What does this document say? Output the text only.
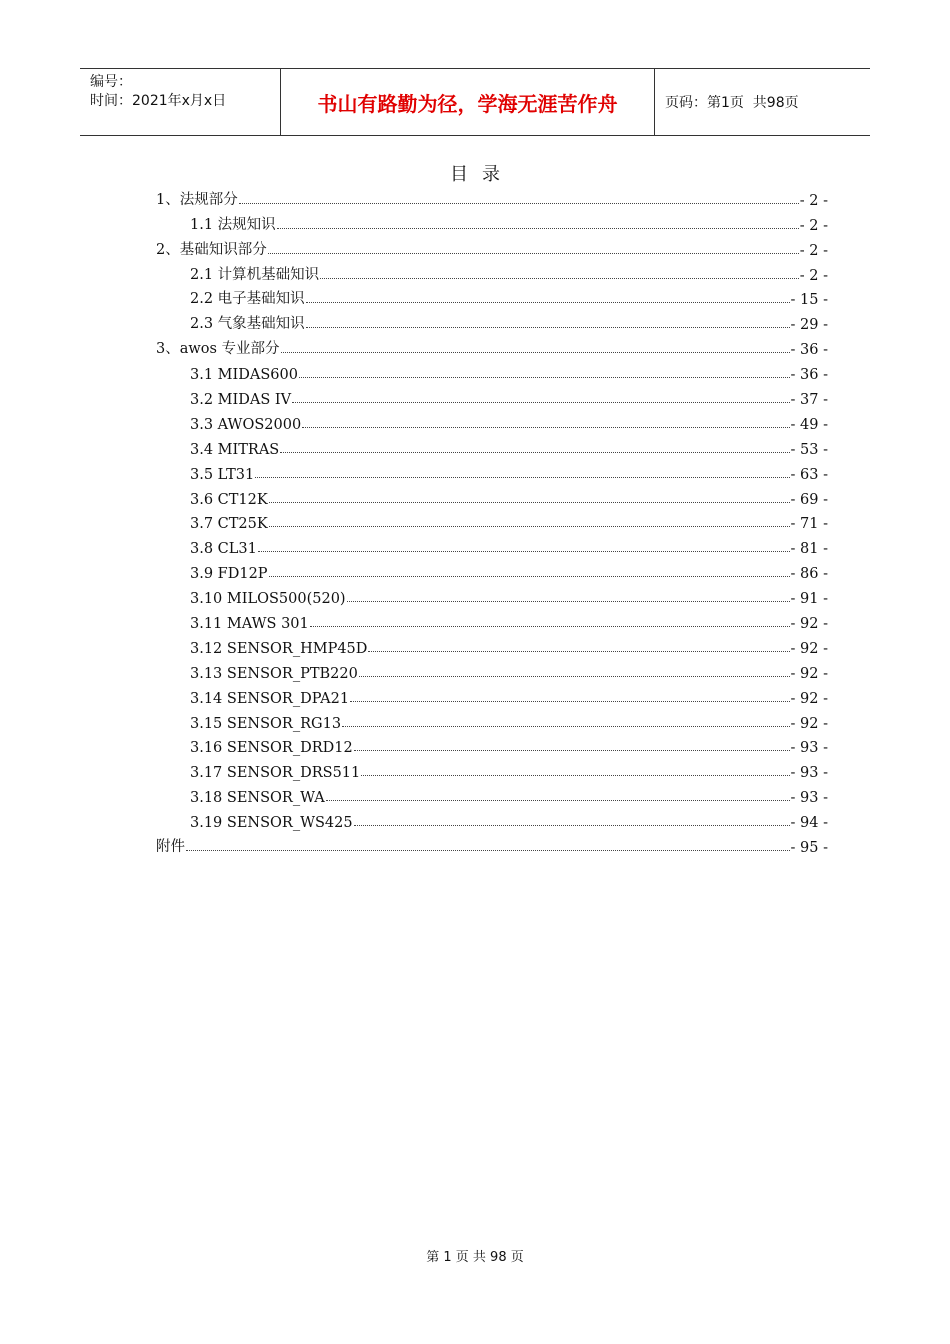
编号：
时间：2021年x月x日	书山有路勤为径，学海无涯苦作舟	页码：第1页  共98页
目录
1、法规部分	- 2 -
1.1 法规知识	- 2 -
2、基础知识部分	- 2 -
2.1 计算机基础知识	- 2 -
2.2 电子基础知识	- 15 -
2.3 气象基础知识	- 29 -
3、awos 专业部分	- 36 -
3.1 MIDAS600	- 36 -
3.2 MIDAS IV	- 37 -
3.3 AWOS2000	- 49 -
3.4 MITRAS	- 53 -
3.5 LT31	- 63 -
3.6 CT12K	- 69 -
3.7 CT25K	- 71 -
3.8 CL31	- 81 -
3.9 FD12P	- 86 -
3.10 MILOS500(520)	- 91 -
3.11 MAWS 301	- 92 -
3.12 SENSOR_HMP45D	- 92 -
3.13 SENSOR_PTB220	- 92 -
3.14 SENSOR_DPA21	- 92 -
3.15 SENSOR_RG13	- 92 -
3.16 SENSOR_DRD12	- 93 -
3.17 SENSOR_DRS511	- 93 -
3.18 SENSOR_WA	- 93 -
3.19 SENSOR_WS425	- 94 -
附件	- 95 -
第 1 页 共 98 页
